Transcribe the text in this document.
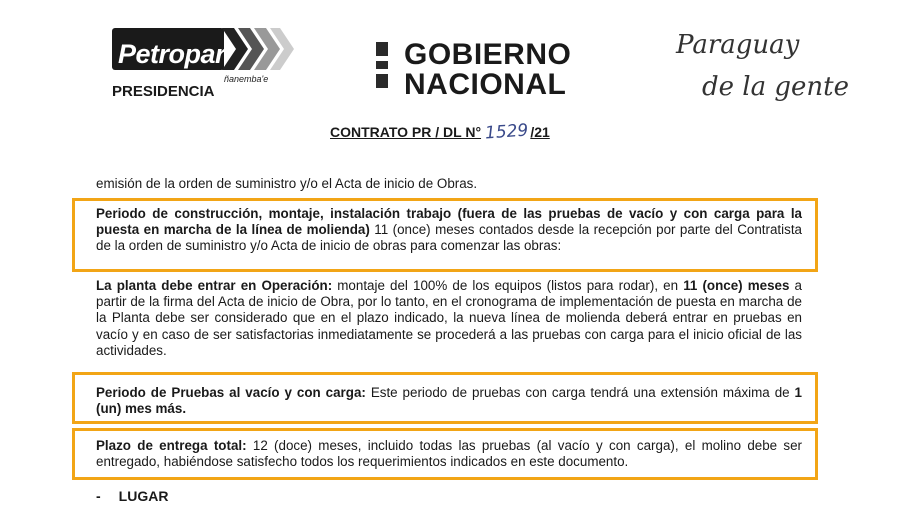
Petropar
ñanemba'e
PRESIDENCIA
GOBIERNO
NACIONAL
Paraguay
de la gente
CONTRATO PR / DL N° 1529/21
emisión de la orden de suministro y/o el Acta de inicio de Obras.
Periodo de construcción, montaje, instalación trabajo (fuera de las pruebas de vacío y con carga para la puesta en marcha de la línea de molienda) 11 (once) meses contados desde la recepción por parte del Contratista de la orden de suministro y/o Acta de inicio de obras para comenzar las obras:
La planta debe entrar en Operación: montaje del 100% de los equipos (listos para rodar), en 11 (once) meses a partir de la firma del Acta de inicio de Obra, por lo tanto, en el cronograma de implementación de puesta en marcha de la Planta debe ser considerado que en el plazo indicado, la nueva línea de molienda deberá entrar en pruebas en vacío y en caso de ser satisfactorias inmediatamente se procederá a las pruebas con carga para el inicio oficial de las actividades.
Periodo de Pruebas al vacío y con carga: Este periodo de pruebas con carga tendrá una extensión máxima de 1 (un) mes más.
Plazo de entrega total: 12 (doce) meses, incluido todas las pruebas (al vacío y con carga), el molino debe ser entregado, habiéndose satisfecho todos los requerimientos indicados en este documento.
- LUGAR
